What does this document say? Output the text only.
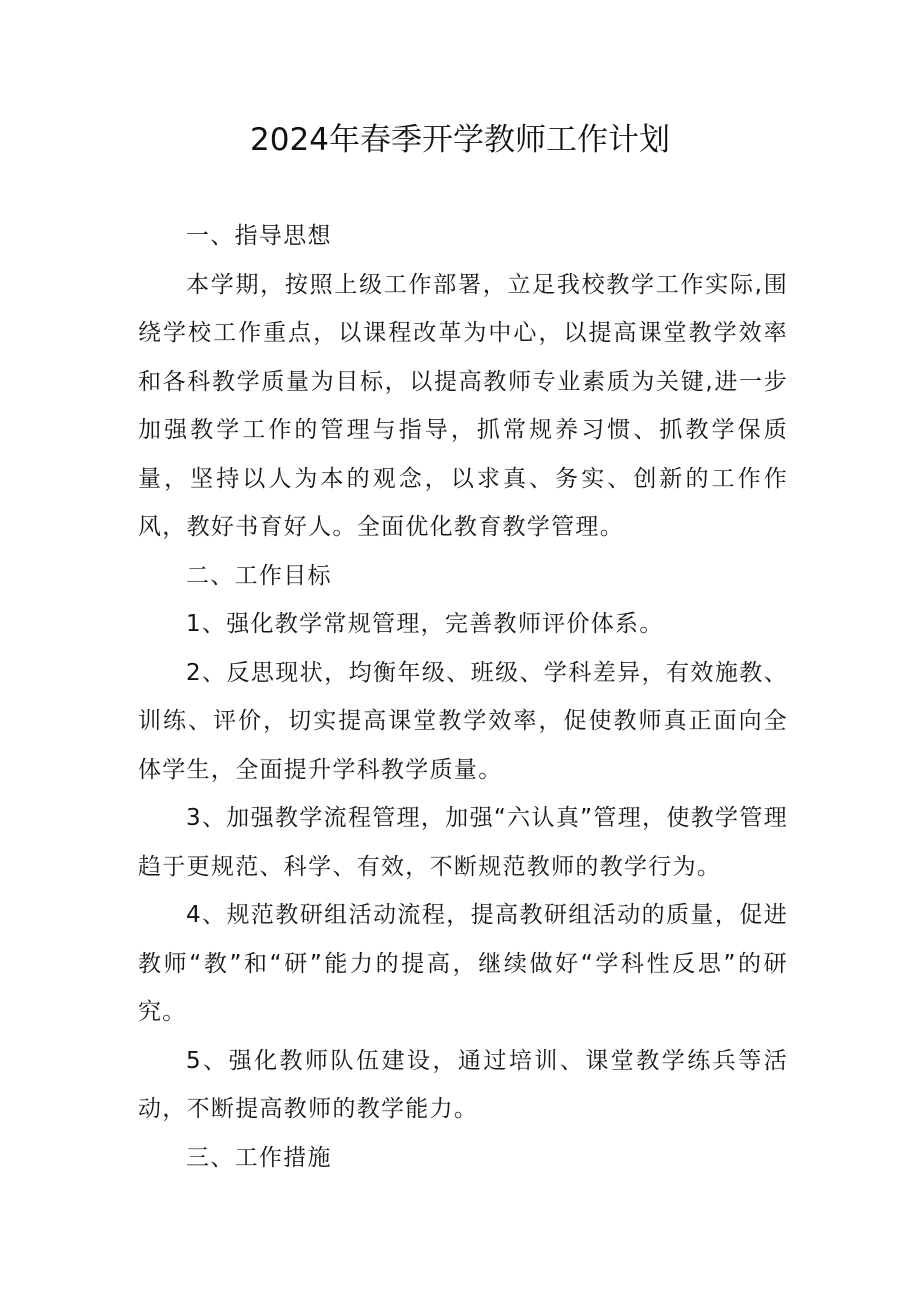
2024年春季开学教师工作计划

一、指导思想

本学期，按照上级工作部署，立足我校教学工作实际,围绕学校工作重点，以课程改革为中心，以提高课堂教学效率和各科教学质量为目标，以提高教师专业素质为关键,进一步加强教学工作的管理与指导，抓常规养习惯、抓教学保质量，坚持以人为本的观念，以求真、务实、创新的工作作风，教好书育好人。全面优化教育教学管理。

二、工作目标

1、强化教学常规管理，完善教师评价体系。

2、反思现状，均衡年级、班级、学科差异，有效施教、训练、评价，切实提高课堂教学效率，促使教师真正面向全体学生，全面提升学科教学质量。

3、加强教学流程管理，加强“六认真”管理，使教学管理趋于更规范、科学、有效，不断规范教师的教学行为。

4、规范教研组活动流程，提高教研组活动的质量，促进教师“教”和“研”能力的提高，继续做好“学科性反思”的研究。

5、强化教师队伍建设，通过培训、课堂教学练兵等活动，不断提高教师的教学能力。

三、工作措施
